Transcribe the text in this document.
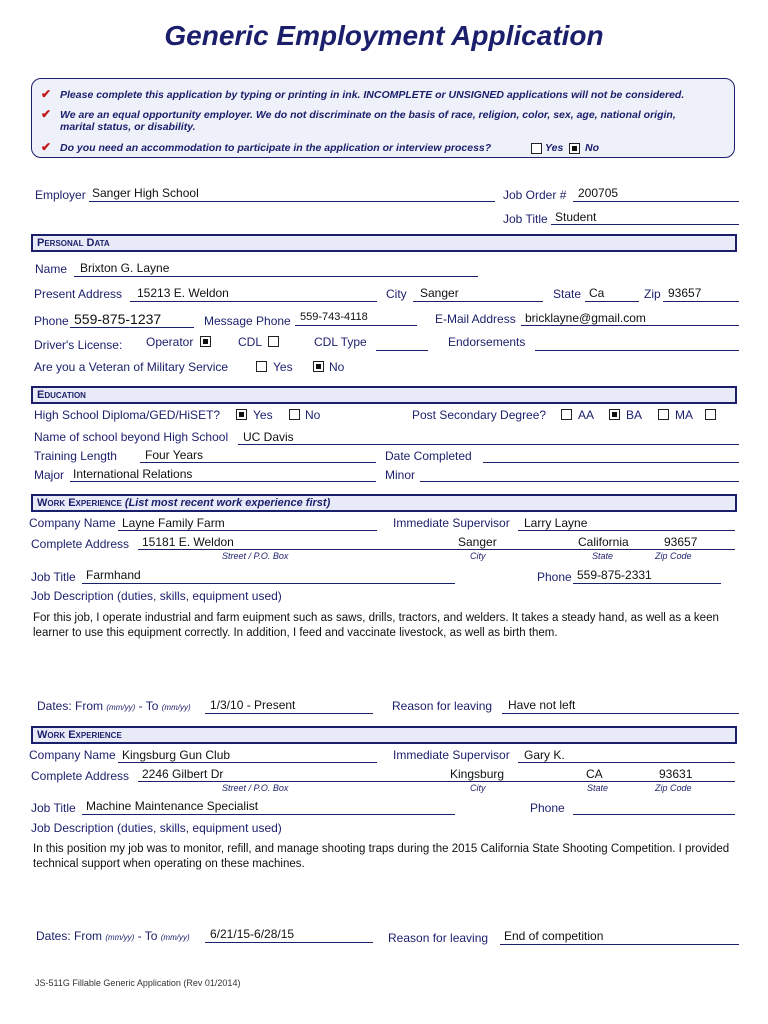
Generic Employment Application
✔ Please complete this application by typing or printing in ink. INCOMPLETE or UNSIGNED applications will not be considered.
✔ We are an equal opportunity employer. We do not discriminate on the basis of race, religion, color, sex, age, national origin,
marital status, or disability.
✔ Do you need an accommodation to participate in the application or interview process?	Yes No
Employer Sanger High School	Job Order # 200705
Job Title Student
Personal Data
Name Brixton G. Layne
Present Address 15213 E. Weldon	City Sanger	State Ca	Zip 93657
Phone 559-875-1237	Message Phone 559-743-4118	E-Mail Address bricklayne@gmail.com
Driver's License: Operator	CDL	CDL Type	Endorsements
Are you a Veteran of Military Service	Yes	No
Education
High School Diploma/GED/HiSET?	Yes	No	Post Secondary Degree?	AA	BA	MA
Name of school beyond High School UC Davis
Training Length Four Years	Date Completed
Major International Relations	Minor
Work Experience (List most recent work experience first)
Company Name Layne Family Farm	Immediate Supervisor Larry Layne
Complete Address 15181 E. Weldon	Sanger	California	93657
Street / P.O. Box	City	State	Zip Code
Job Title Farmhand	Phone 559-875-2331
Job Description (duties, skills, equipment used)
For this job, I operate industrial and farm euipment such as saws, drills, tractors, and welders. It takes a steady hand, as well as a keen learner to use this equipment correctly. In addition, I feed and vaccinate livestock, as well as birth them.
Dates: From (mm/yy) - To (mm/yy) 1/3/10 - Present	Reason for leaving Have not left
Work Experience
Company Name Kingsburg Gun Club	Immediate Supervisor Gary K.
Complete Address 2246 Gilbert Dr	Kingsburg	CA	93631
Street / P.O. Box	City	State	Zip Code
Job Title Machine Maintenance Specialist	Phone
Job Description (duties, skills, equipment used)
In this position my job was to monitor, refill, and manage shooting traps during the 2015 California State Shooting Competition. I provided technical support when operating on these machines.
Dates: From (mm/yy) - To (mm/yy) 6/21/15-6/28/15	Reason for leaving End of competition
JS-511G Fillable Generic Application (Rev 01/2014)
